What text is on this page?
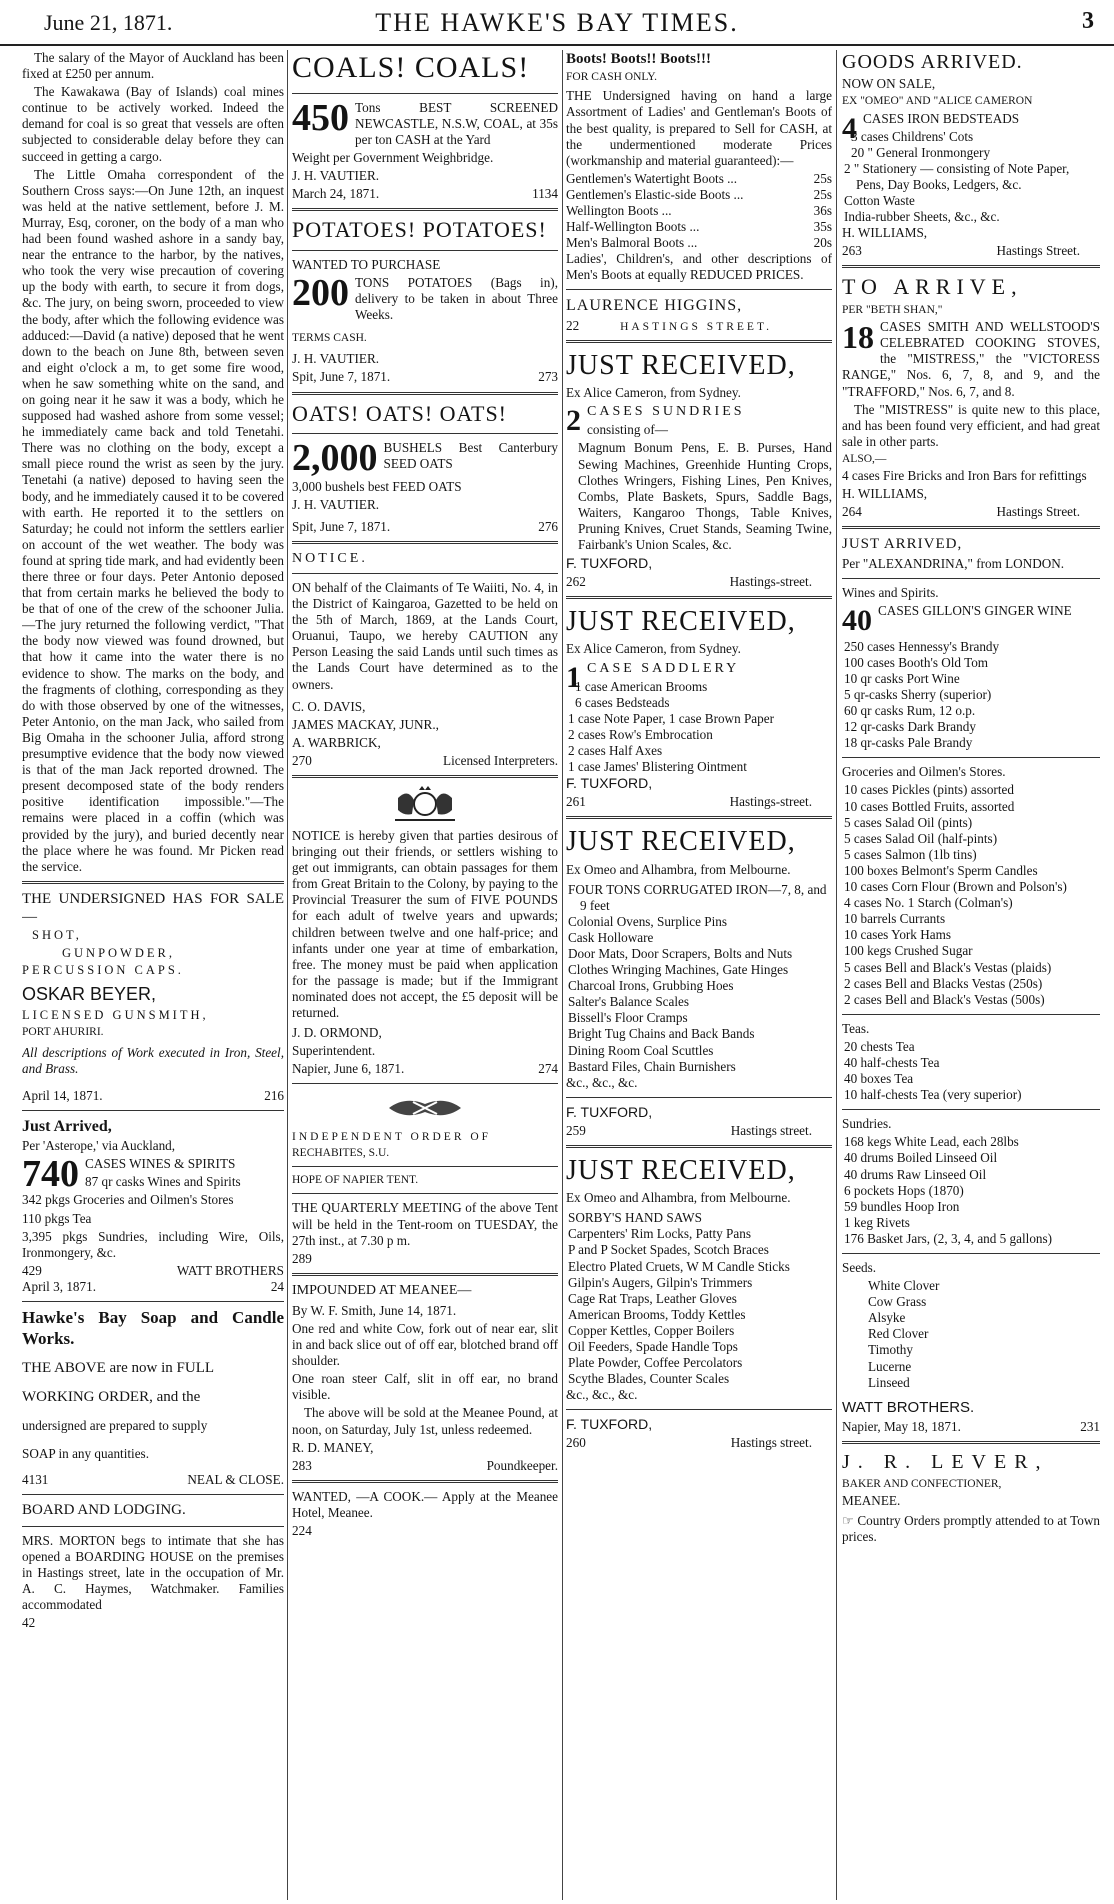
June 21, 1871.	THE HAWKE'S BAY TIMES.	3

The salary of the Mayor of Auckland has been fixed at £250 per annum.

The Kawakawa (Bay of Islands) coal mines continue to be actively worked. Indeed the demand for coal is so great that vessels are often subjected to considerable delay before they can succeed in getting a cargo.

The Little Omaha correspondent of the Southern Cross says:—On June 12th, an inquest was held at the native settlement, before J. M. Murray, Esq, coroner, on the body of a man who had been found washed ashore in a sandy bay, near the entrance to the harbor, by the natives, who took the very wise precaution of covering up the body with earth, to secure it from dogs, &c. The jury, on being sworn, proceeded to view the body, after which the following evidence was adduced:—David (a native) deposed that he went down to the beach on June 8th, between seven and eight o'clock a m, to get some fire wood, when he saw something white on the sand, and on going near it he saw it was a body, which he supposed had washed ashore from some vessel; he immediately came back and told Tenetahi. There was no clothing on the body, except a small piece round the wrist as seen by the jury. Tenetahi (a native) deposed to having seen the body, and he immediately caused it to be covered with earth. He reported it to the settlers on Saturday; he could not inform the settlers earlier on account of the wet weather. The body was found at spring tide mark, and had evidently been there three or four days. Peter Antonio deposed that from certain marks he believed the body to be that of one of the crew of the schooner Julia. —The jury returned the following verdict, "That the body now viewed was found drowned, but that how it came into the water there is no evidence to show. The marks on the body, and the fragments of clothing, corresponding as they do with those observed by one of the witnesses, Peter Antonio, on the man Jack, who sailed from Big Omaha in the schooner Julia, afford strong presumptive evidence that the body now viewed is that of the man Jack reported drowned. The present decomposed state of the body renders positive identification impossible."—The remains were placed in a coffin (which was provided by the jury), and buried decently near the place where he was found. Mr Picken read the service.

THE UNDERSIGNED HAS FOR SALE—

SHOT,

GUNPOWDER,

PERCUSSION CAPS.

OSKAR BEYER,

LICENSED GUNSMITH,

PORT AHURIRI.

All descriptions of Work executed in Iron, Steel, and Brass.

April 14, 1871.	216

Just Arrived,

Per 'Asterope,' via Auckland,

740 CASES WINES & SPIRITS

87 qr casks Wines and Spirits

342 pkgs Groceries and Oilmen's Stores

110 pkgs Tea

3,395 pkgs Sundries, including Wire, Oils, Ironmongery, &c.

429	WATT BROTHERS
April 3, 1871.	24

Hawke's Bay Soap and Candle Works.

THE ABOVE are now in FULL

WORKING ORDER, and the

undersigned are prepared to supply

SOAP in any quantities.

4131	NEAL & CLOSE.

BOARD AND LODGING.

MRS. MORTON begs to intimate that she has opened a BOARDING HOUSE on the premises in Hastings street, late in the occupation of Mr. A. C. Haymes, Watchmaker. Families accommodated

42

COALS! COALS!

450 Tons BEST SCREENED NEWCASTLE, N.S.W, COAL, at 35s per ton CASH at the Yard

Weight per Government Weighbridge.

J. H. VAUTIER.

March 24, 1871.	1134

POTATOES! POTATOES!

WANTED TO PURCHASE

200 TONS POTATOES (Bags in), delivery to be taken in about Three Weeks.

TERMS CASH.

J. H. VAUTIER.

Spit, June 7, 1871.	273

OATS! OATS! OATS!

2,000 BUSHELS Best Canterbury SEED OATS

3,000 bushels best FEED OATS

J. H. VAUTIER.

Spit, June 7, 1871.	276

NOTICE.

ON behalf of the Claimants of Te Waiiti, No. 4, in the District of Kaingaroa, Gazetted to be held on the 5th of March, 1869, at the Lands Court, Oruanui, Taupo, we hereby CAUTION any Person Leasing the said Lands until such times as the Lands Court have determined as to the owners.

C. O. DAVIS,

JAMES MACKAY, JUNR.,

A. WARBRICK,

270	Licensed Interpreters.

NOTICE is hereby given that parties desirous of bringing out their friends, or settlers wishing to get out immigrants, can obtain passages for them from Great Britain to the Colony, by paying to the Provincial Treasurer the sum of FIVE POUNDS for each adult of twelve years and upwards; children between twelve and one half-price; and infants under one year at time of embarkation, free. The money must be paid when application for the passage is made; but if the Immigrant nominated does not accept, the £5 deposit will be returned.

J. D. ORMOND,

Superintendent.

Napier, June 6, 1871.	274

INDEPENDENT ORDER OF

RECHABITES, S.U.

HOPE OF NAPIER TENT.

THE QUARTERLY MEETING of the above Tent will be held in the Tent-room on TUESDAY, the 27th inst., at 7.30 p m.

289

IMPOUNDED AT MEANEE—

By W. F. Smith, June 14, 1871.

One red and white Cow, fork out of near ear, slit in and back slice out of off ear, blotched brand off shoulder.

One roan steer Calf, slit in off ear, no brand visible.

The above will be sold at the Meanee Pound, at noon, on Saturday, July 1st, unless redeemed.

R. D. MANEY,

283	Poundkeeper.

WANTED, —A COOK.— Apply at the Meanee Hotel, Meanee.

224

Boots! Boots!! Boots!!!

FOR CASH ONLY.

THE Undersigned having on hand a large Assortment of Ladies' and Gentleman's Boots of the best quality, is prepared to Sell for CASH, at the undermentioned moderate Prices (workmanship and material guaranteed):—

Gentlemen's Watertight Boots ...	25s
Gentlemen's Elastic-side Boots ...	25s
Wellington Boots ...	36s
Half-Wellington Boots ...	35s
Men's Balmoral Boots ...	20s

Ladies', Children's, and other descriptions of Men's Boots at equally REDUCED PRICES.

LAURENCE HIGGINS,

22	HASTINGS STREET.

JUST RECEIVED,

Ex Alice Cameron, from Sydney.

2 CASES SUNDRIES

consisting of—

Magnum Bonum Pens, E. B. Purses, Hand Sewing Machines, Greenhide Hunting Crops, Clothes Wringers, Fishing Lines, Pen Knives, Combs, Plate Baskets, Spurs, Saddle Bags, Waiters, Kangaroo Thongs, Table Knives, Pruning Knives, Cruet Stands, Seaming Twine, Fairbank's Union Scales, &c.

F. TUXFORD,

262	Hastings-street.

JUST RECEIVED,

Ex Alice Cameron, from Sydney.

1 CASE SADDLERY

1 case American Brooms
6 cases Bedsteads
1 case Note Paper, 1 case Brown Paper
2 cases Row's Embrocation
2 cases Half Axes
1 case James' Blistering Ointment

F. TUXFORD,

261	Hastings-street.

JUST RECEIVED,

Ex Omeo and Alhambra, from Melbourne.

FOUR TONS CORRUGATED IRON—7, 8, and 9 feet
Colonial Ovens, Surplice Pins
Cask Holloware
Door Mats, Door Scrapers, Bolts and Nuts
Clothes Wringing Machines, Gate Hinges
Charcoal Irons, Grubbing Hoes
Salter's Balance Scales
Bissell's Floor Cramps
Bright Tug Chains and Back Bands
Dining Room Coal Scuttles
Bastard Files, Chain Burnishers

&c., &c., &c.

F. TUXFORD,

259	Hastings street.

JUST RECEIVED,

Ex Omeo and Alhambra, from Melbourne.

SORBY'S HAND SAWS
Carpenters' Rim Locks, Patty Pans
P and P Socket Spades, Scotch Braces
Electro Plated Cruets, W M Candle Sticks
Gilpin's Augers, Gilpin's Trimmers
Cage Rat Traps, Leather Gloves
American Brooms, Toddy Kettles
Copper Kettles, Copper Boilers
Oil Feeders, Spade Handle Tops
Plate Powder, Coffee Percolators
Scythe Blades, Counter Scales

&c., &c., &c.

F. TUXFORD,

260	Hastings street.

GOODS ARRIVED.

NOW ON SALE,

EX "OMEO" AND "ALICE CAMERON

4 CASES IRON BEDSTEADS

3 cases Childrens' Cots
20 " General Ironmongery
2 " Stationery — consisting of Note Paper, Pens, Day Books, Ledgers, &c.
Cotton Waste
India-rubber Sheets, &c., &c.

H. WILLIAMS,

263	Hastings Street.

TO ARRIVE,

PER "BETH SHAN,"

18 CASES SMITH AND WELLSTOOD'S CELEBRATED COOKING STOVES, the "MISTRESS," the "VICTORESS RANGE," Nos. 6, 7, 8, and 9, and the "TRAFFORD," Nos. 6, 7, and 8.

The "MISTRESS" is quite new to this place, and has been found very efficient, and had great sale in other parts.

ALSO,—

4 cases Fire Bricks and Iron Bars for refittings

H. WILLIAMS,

264	Hastings Street.

JUST ARRIVED,

Per "ALEXANDRINA," from LONDON.

Wines and Spirits.

40 CASES GILLON'S GINGER WINE

250 cases Hennessy's Brandy
100 cases Booth's Old Tom
10 qr casks Port Wine
5 qr-casks Sherry (superior)
60 qr casks Rum, 12 o.p.
12 qr-casks Dark Brandy
18 qr-casks Pale Brandy

Groceries and Oilmen's Stores.

10 cases Pickles (pints) assorted
10 cases Bottled Fruits, assorted
5 cases Salad Oil (pints)
5 cases Salad Oil (half-pints)
5 cases Salmon (1lb tins)
100 boxes Belmont's Sperm Candles
10 cases Corn Flour (Brown and Polson's)
4 cases No. 1 Starch (Colman's)
10 barrels Currants
10 cases York Hams
100 kegs Crushed Sugar
5 cases Bell and Black's Vestas (plaids)
2 cases Bell and Blacks Vestas (250s)
2 cases Bell and Black's Vestas (500s)

Teas.

20 chests Tea
40 half-chests Tea
40 boxes Tea
10 half-chests Tea (very superior)

Sundries.

168 kegs White Lead, each 28lbs
40 drums Boiled Linseed Oil
40 drums Raw Linseed Oil
6 pockets Hops (1870)
59 bundles Hoop Iron
1 keg Rivets
176 Basket Jars, (2, 3, 4, and 5 gallons)

Seeds.

White Clover
Cow Grass
Alsyke
Red Clover
Timothy
Lucerne
Linseed

WATT BROTHERS.

Napier, May 18, 1871.	231

J. R. LEVER,

BAKER AND CONFECTIONER,

MEANEE.

☞ Country Orders promptly attended to at Town prices.
